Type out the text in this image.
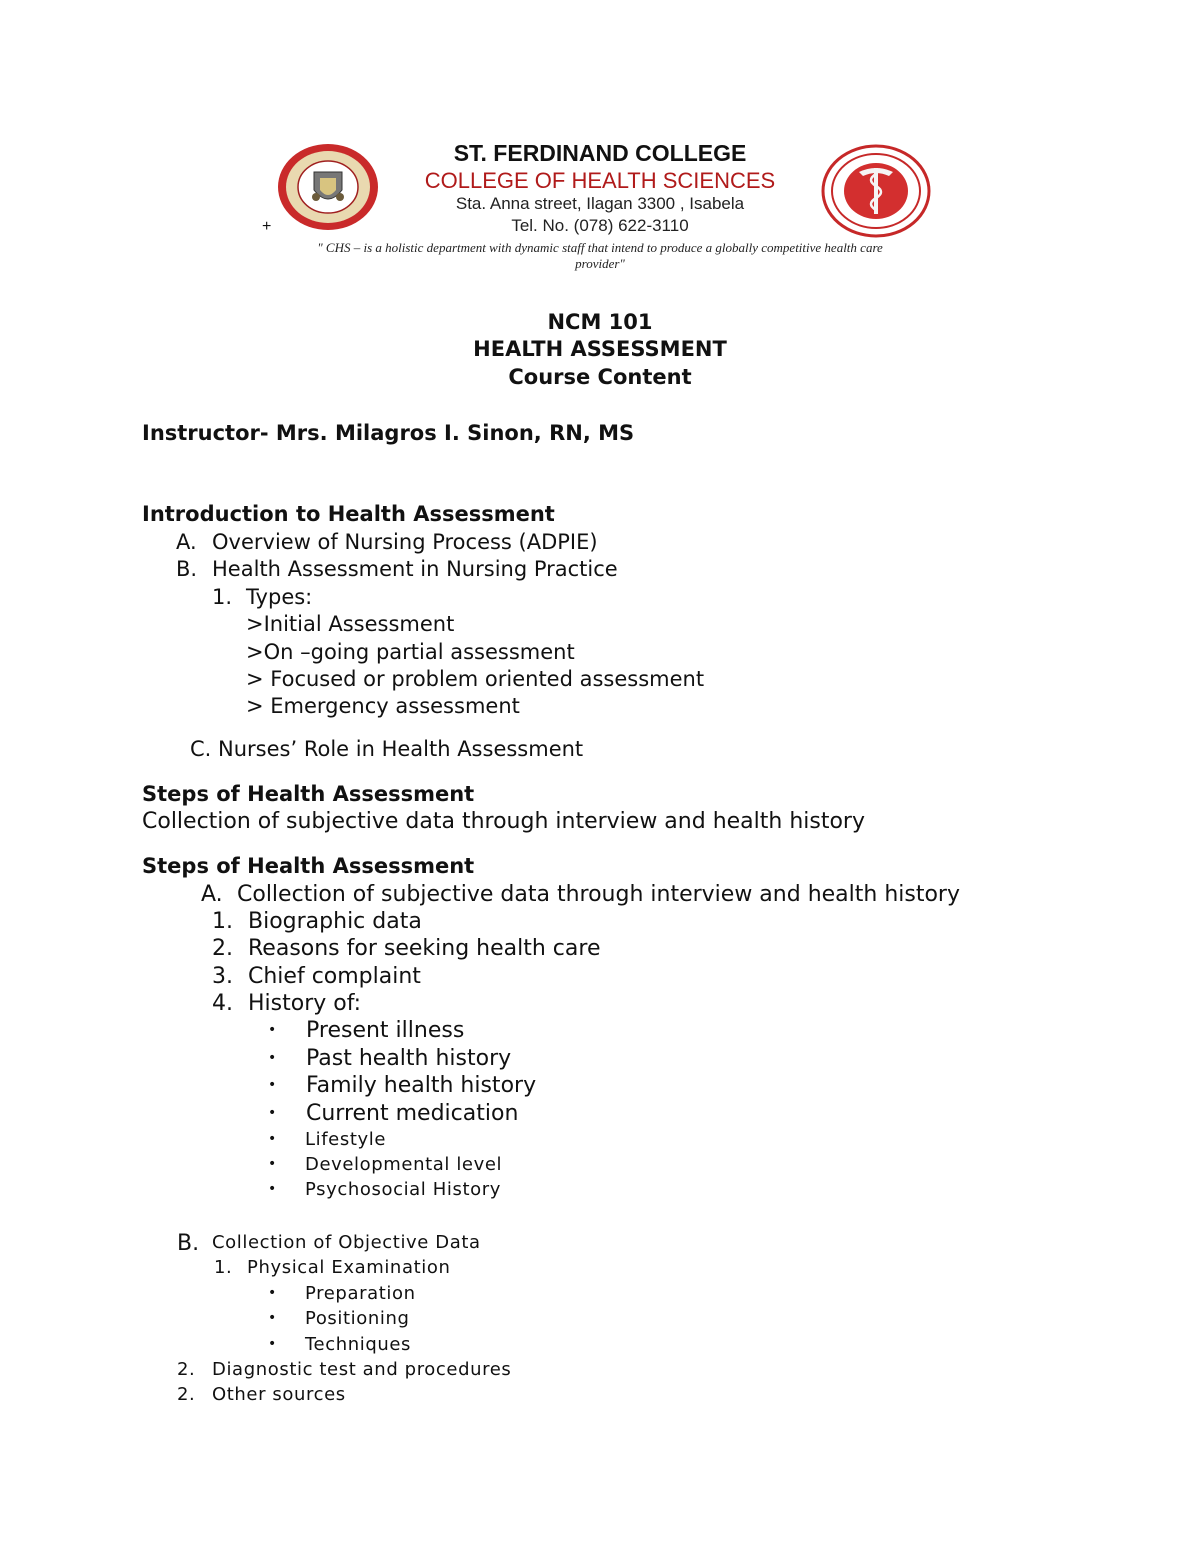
ST. FERDINAND COLLEGE
COLLEGE OF HEALTH SCIENCES
Sta. Anna street, Ilagan 3300 , Isabela
Tel. No. (078) 622-3110
+
" CHS – is a holistic department with dynamic staff that intend to produce a globally competitive health care
provider"
NCM 101
HEALTH ASSESSMENT
Course Content
Instructor- Mrs. Milagros I. Sinon, RN, MS
Introduction to Health Assessment
A. Overview of Nursing Process (ADPIE)
B. Health Assessment in Nursing Practice
1. Types:
>Initial Assessment
>On –going partial assessment
> Focused or problem oriented assessment
> Emergency assessment
C. Nurses’ Role in Health Assessment
Steps of Health Assessment
Collection of subjective data through interview and health history
Steps of Health Assessment
A. Collection of subjective data through interview and health history
1. Biographic data
2. Reasons for seeking health care
3. Chief complaint
4. History of:
• Present illness
• Past health history
• Family health history
• Current medication
• Lifestyle
• Developmental level
• Psychosocial History
B. Collection of Objective Data
1. Physical Examination
• Preparation
• Positioning
• Techniques
2. Diagnostic test and procedures
2. Other sources
